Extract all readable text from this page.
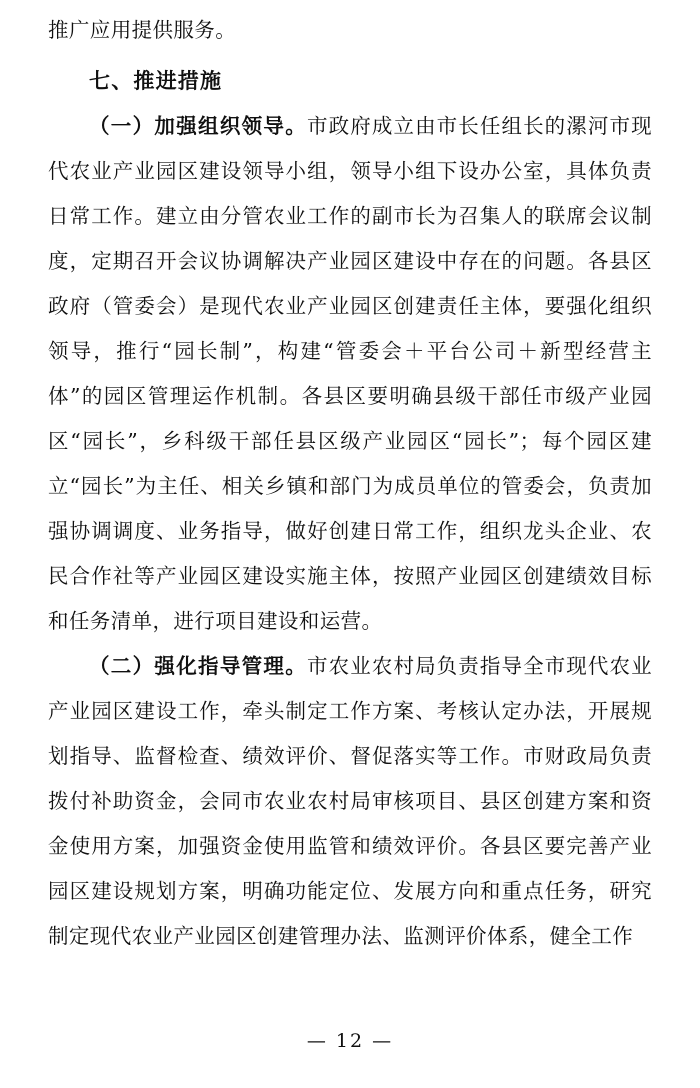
推广应用提供服务。

七、推进措施

（一）加强组织领导。市政府成立由市长任组长的漯河市现代农业产业园区建设领导小组，领导小组下设办公室，具体负责日常工作。建立由分管农业工作的副市长为召集人的联席会议制度，定期召开会议协调解决产业园区建设中存在的问题。各县区政府（管委会）是现代农业产业园区创建责任主体，要强化组织领导，推行“园长制”，构建“管委会＋平台公司＋新型经营主体”的园区管理运作机制。各县区要明确县级干部任市级产业园区“园长”，乡科级干部任县区级产业园区“园长”；每个园区建立“园长”为主任、相关乡镇和部门为成员单位的管委会，负责加强协调调度、业务指导，做好创建日常工作，组织龙头企业、农民合作社等产业园区建设实施主体，按照产业园区创建绩效目标和任务清单，进行项目建设和运营。

（二）强化指导管理。市农业农村局负责指导全市现代农业产业园区建设工作，牵头制定工作方案、考核认定办法，开展规划指导、监督检查、绩效评价、督促落实等工作。市财政局负责拨付补助资金，会同市农业农村局审核项目、县区创建方案和资金使用方案，加强资金使用监管和绩效评价。各县区要完善产业园区建设规划方案，明确功能定位、发展方向和重点任务，研究制定现代农业产业园区创建管理办法、监测评价体系，健全工作

— 12 —
